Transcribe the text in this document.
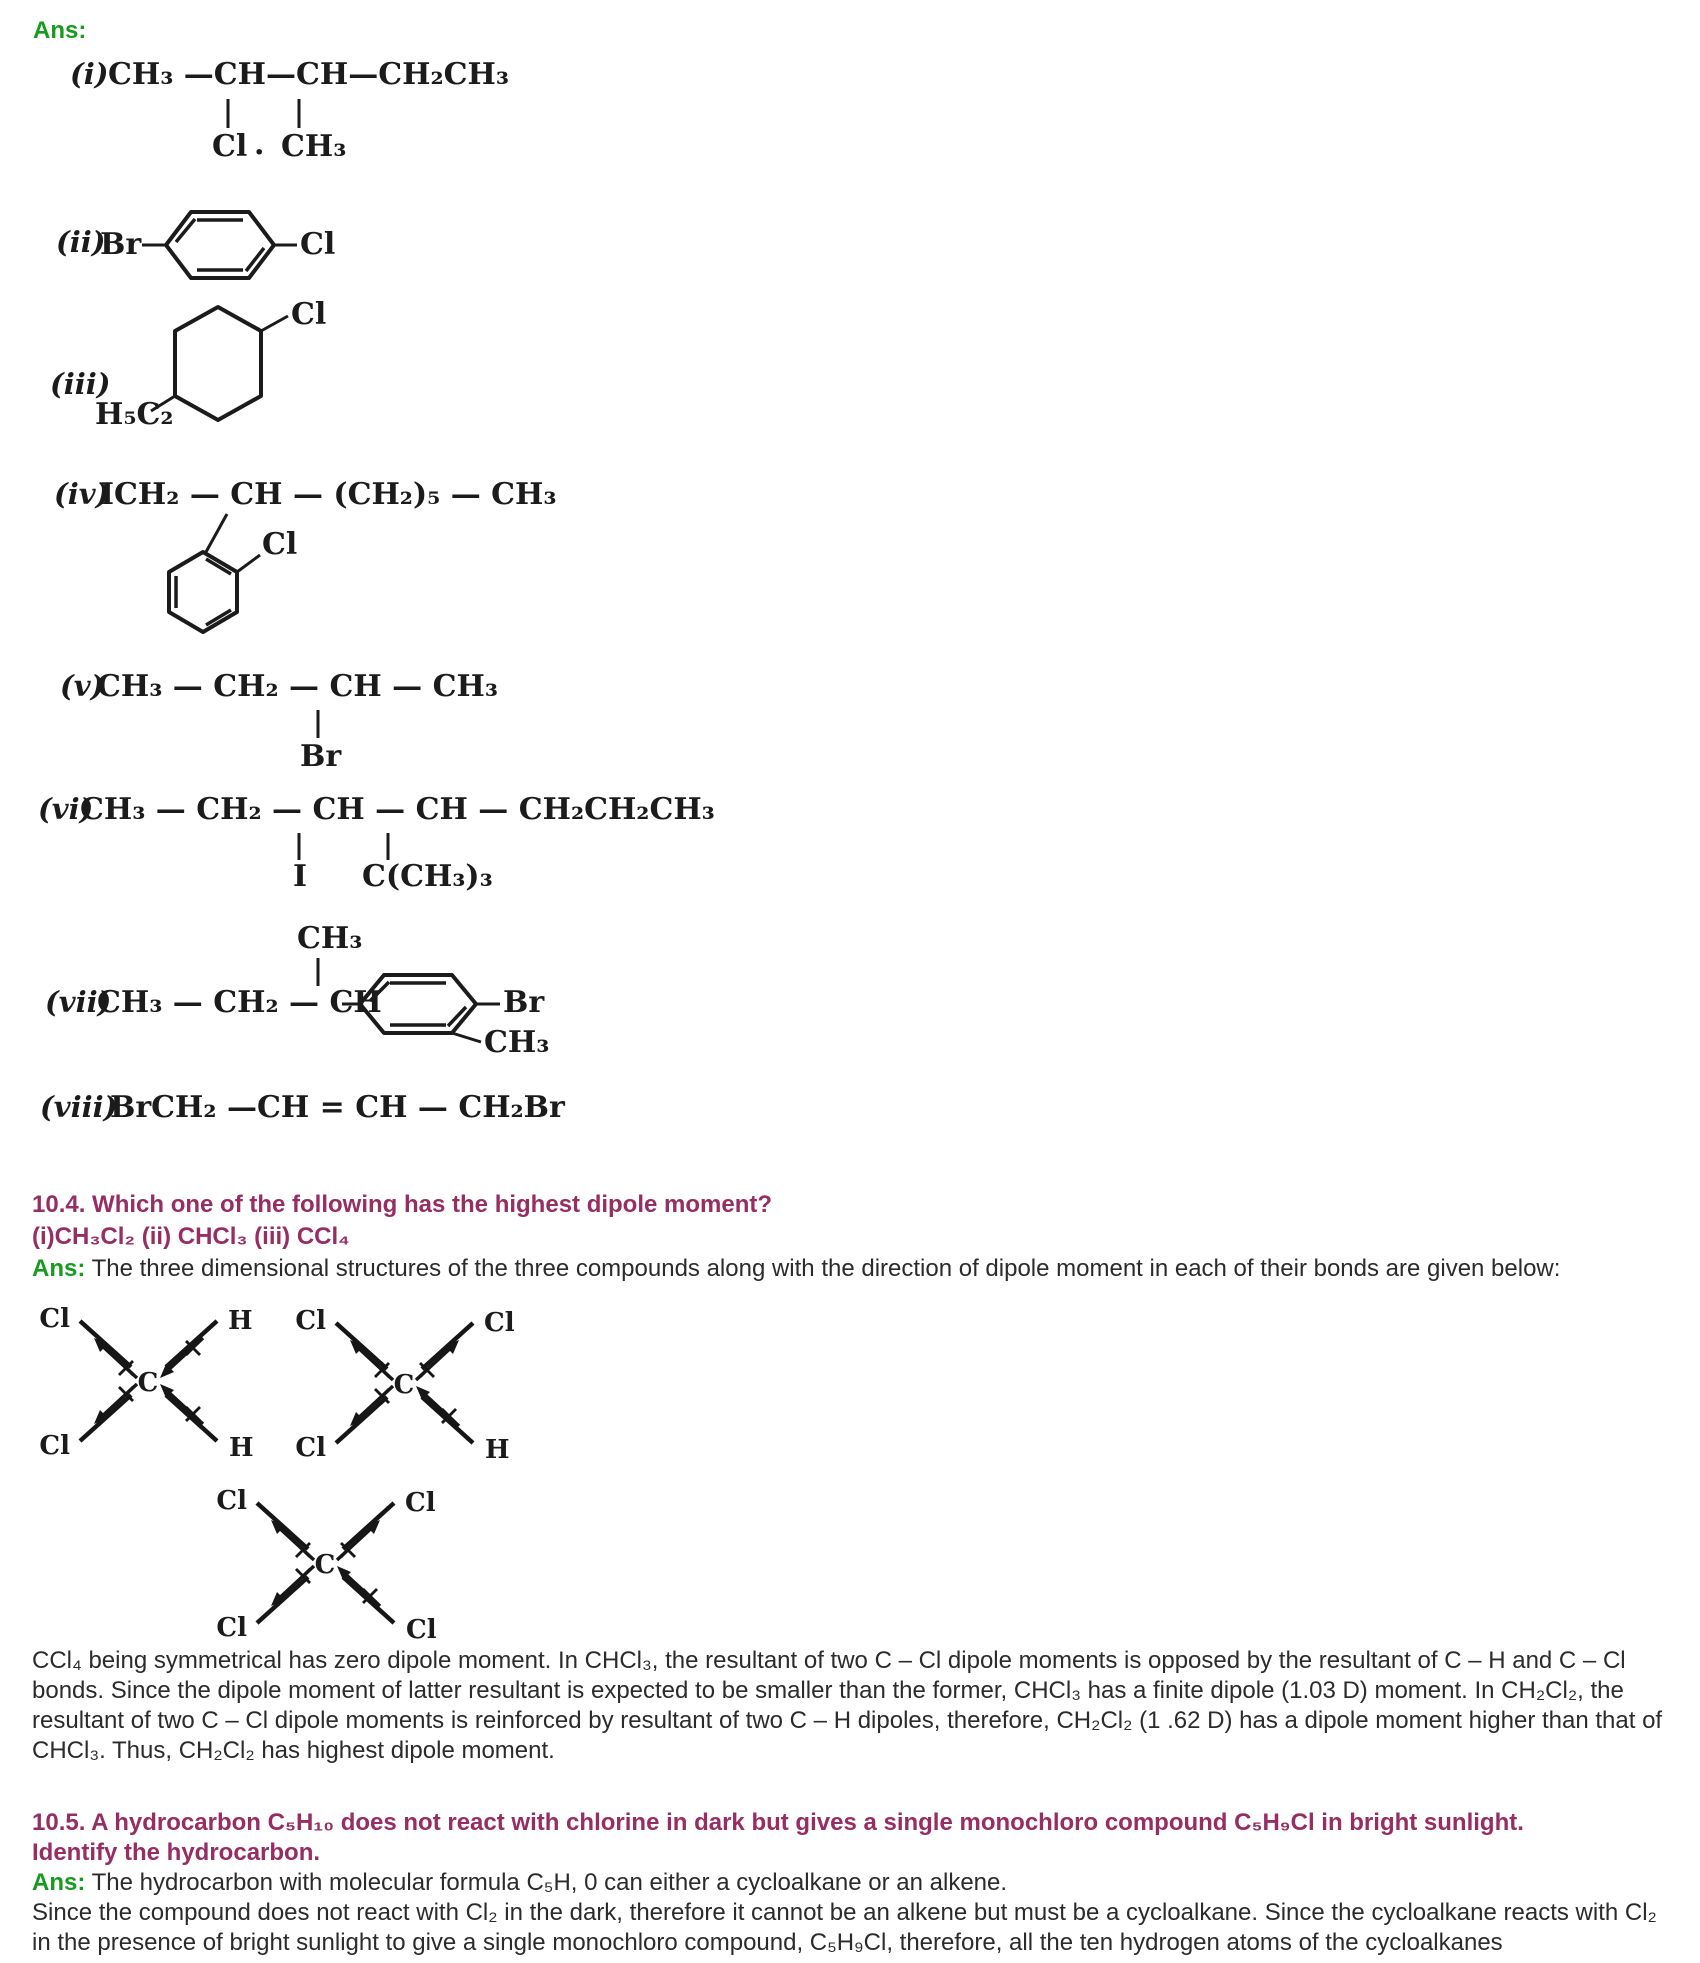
Ans:
(i) CH₃ —CH—CH—CH₂CH₃
Cl · CH₃
(ii)
Br	Cl
(iii)
H₅C₂
Cl
(iv)
ICH₂ — CH — (CH₂)₅ — CH₃
Cl
(v)
CH₃ — CH₂ — CH — CH₃
Br
(vi)
CH₃ — CH₂ — CH — CH — CH₂CH₂CH₃
I C(CH₃)₃
CH₃
(vii)
CH₃ — CH₂ — CH	Br
CH₃
(viii)
BrCH₂ —CH = CH — CH₂Br
10.4. Which one of the following has the highest dipole moment?
(i)CH₃Cl₂ (ii) CHCl₃ (iii) CCl₄
Ans: The three dimensional structures of the three compounds along with the direction of dipole moment in each of their bonds are given below:
Cl	H
C
Cl	H
Cl	Cl
C
Cl	H
Cl	Cl
C
Cl	Cl
CCl₄ being symmetrical has zero dipole moment. In CHCl₃, the resultant of two C – Cl dipole moments is opposed by the resultant of C – H and C – Cl bonds. Since the dipole moment of latter resultant is expected to be smaller than the former, CHCl₃ has a finite dipole (1.03 D) moment. In CH₂Cl₂, the resultant of two C – Cl dipole moments is reinforced by resultant of two C – H dipoles, therefore, CH₂Cl₂ (1 .62 D) has a dipole moment higher than that of CHCl₃. Thus, CH₂Cl₂ has highest dipole moment.
10.5. A hydrocarbon C₅H₁₀ does not react with chlorine in dark but gives a single monochloro compound C₅H₉Cl in bright sunlight.
Identify the hydrocarbon.
Ans: The hydrocarbon with molecular formula C₅H, 0 can either a cycloalkane or an alkene.
Since the compound does not react with Cl₂ in the dark, therefore it cannot be an alkene but must be a cycloalkane. Since the cycloalkane reacts with Cl₂ in the presence of bright sunlight to give a single monochloro compound, C₅H₉Cl, therefore, all the ten hydrogen atoms of the cycloalkanes
